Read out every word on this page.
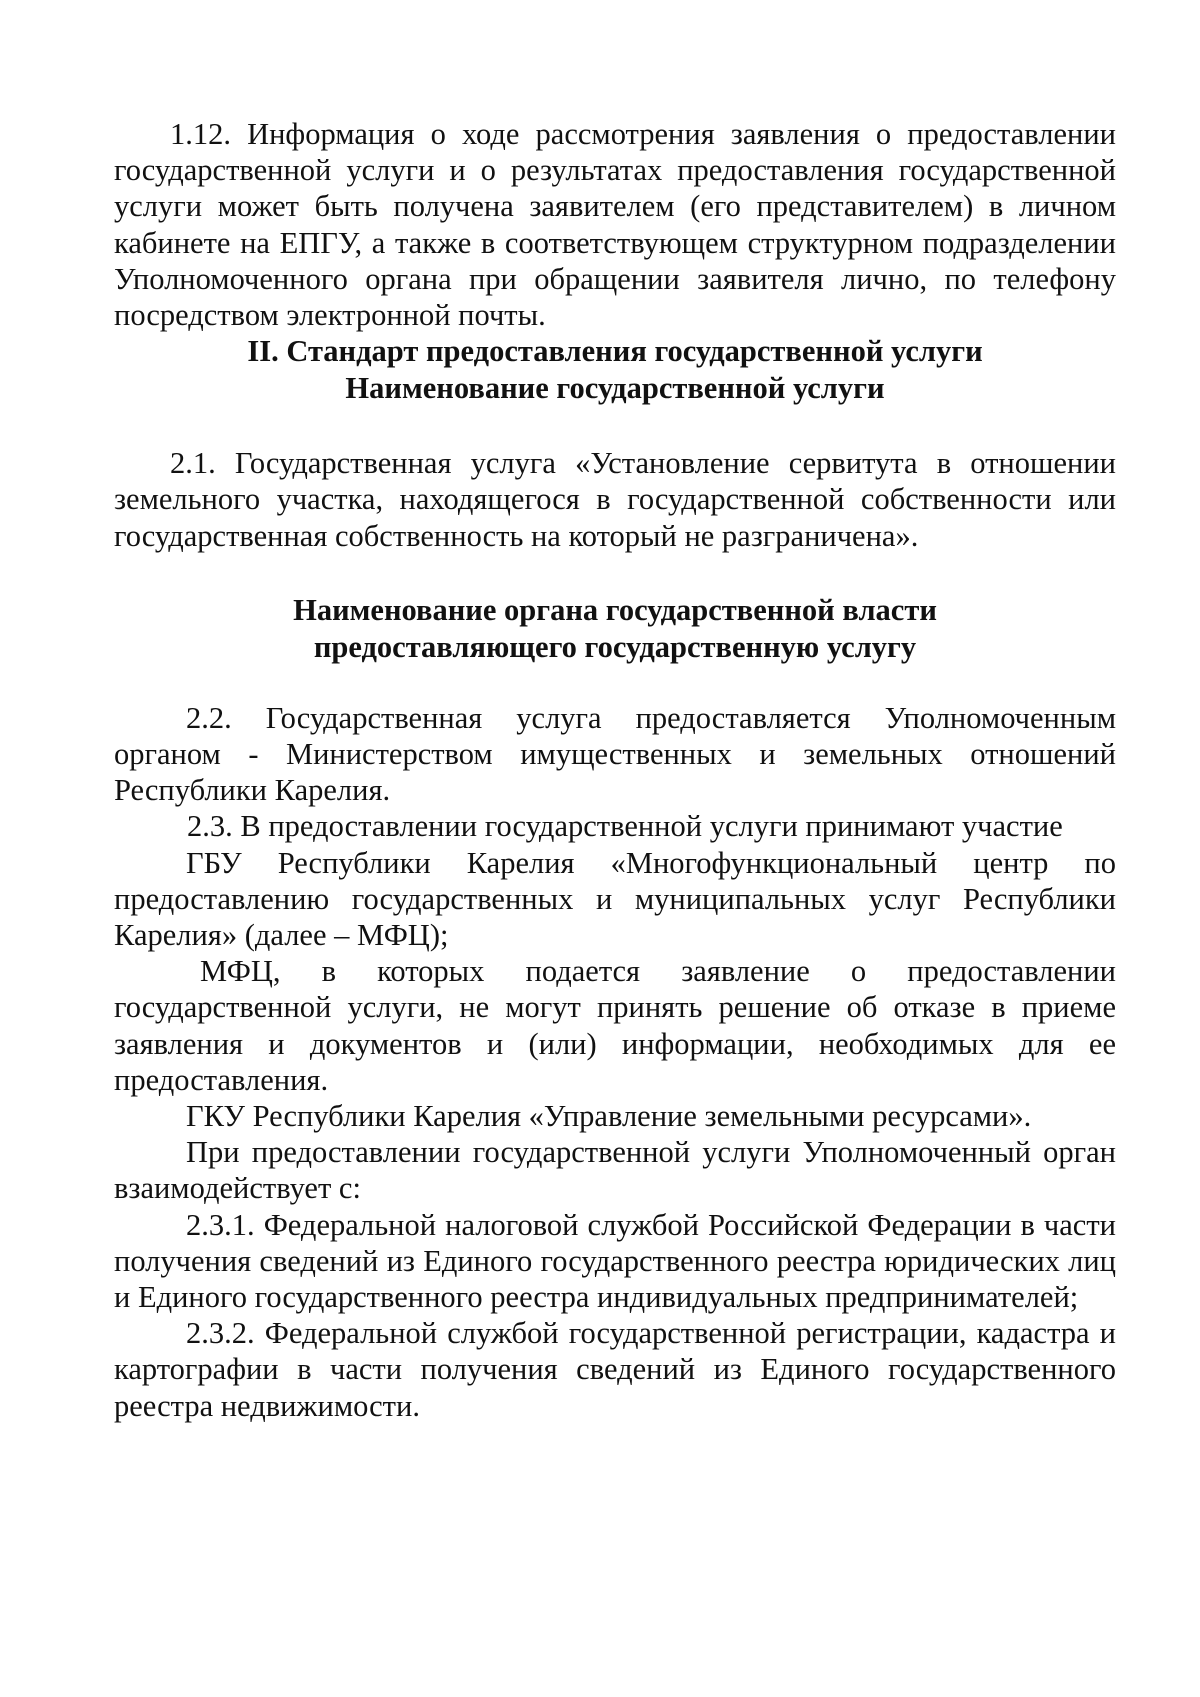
1.12. Информация о ходе рассмотрения заявления о предоставлении государственной услуги и о результатах предоставления государственной услуги может быть получена заявителем (его представителем) в личном кабинете на ЕПГУ, а также в соответствующем структурном подразделении Уполномоченного органа при обращении заявителя лично, по телефону посредством электронной почты.

II. Стандарт предоставления государственной услуги

Наименование государственной услуги

2.1. Государственная услуга «Установление сервитута в отношении земельного участка, находящегося в государственной собственности или государственная собственность на который не разграничена».

Наименование органа государственной власти

предоставляющего государственную услугу

2.2. Государственная услуга предоставляется Уполномоченным органом - Министерством имущественных и земельных отношений Республики Карелия.

2.3. В предоставлении государственной услуги принимают участие

ГБУ Республики Карелия «Многофункциональный центр по предоставлению государственных и муниципальных услуг Республики Карелия» (далее – МФЦ);

МФЦ, в которых подается заявление о предоставлении государственной услуги, не могут принять решение об отказе в приеме заявления и документов и (или) информации, необходимых для ее предоставления.

ГКУ Республики Карелия «Управление земельными ресурсами».

При предоставлении государственной услуги Уполномоченный орган взаимодействует с:

2.3.1. Федеральной налоговой службой Российской Федерации в части получения сведений из Единого государственного реестра юридических лиц и Единого государственного реестра индивидуальных предпринимателей;

2.3.2. Федеральной службой государственной регистрации, кадастра и картографии в части получения сведений из Единого государственного реестра недвижимости.
